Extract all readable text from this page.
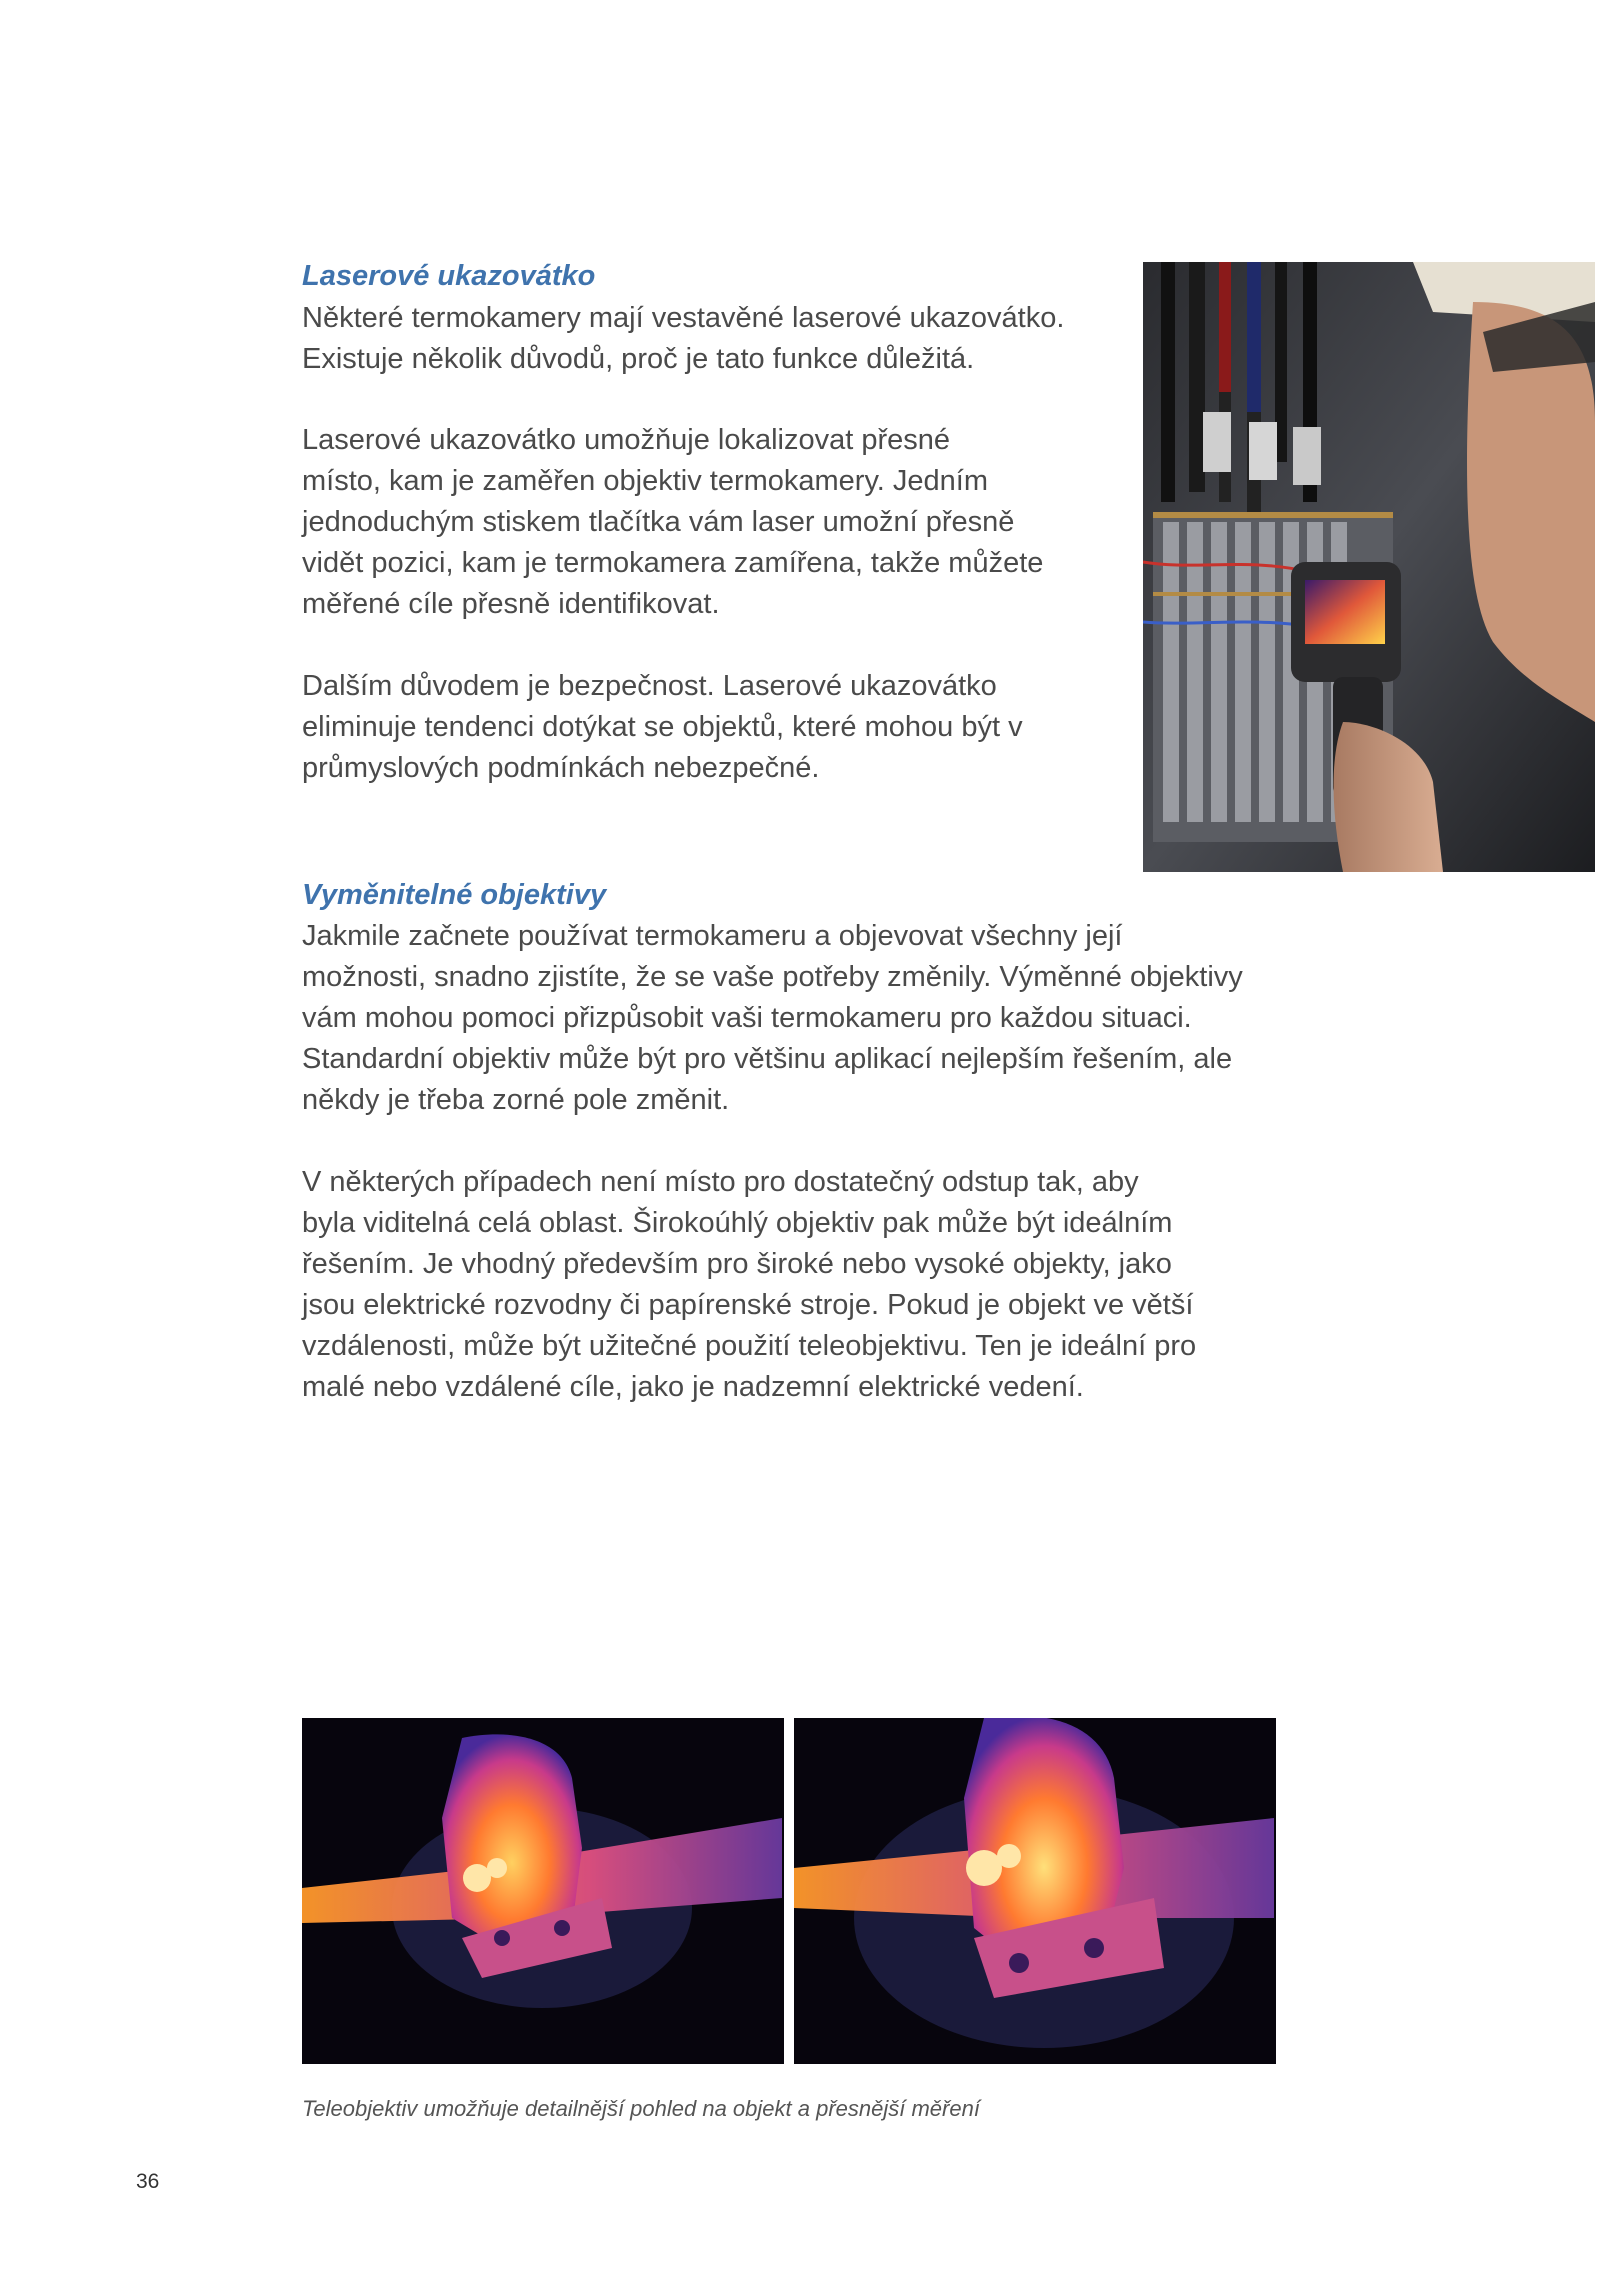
Laserové ukazovátko

Některé termokamery mají vestavěné laserové ukazovátko.
Existuje několik důvodů, proč je tato funkce důležitá.

Laserové ukazovátko umožňuje lokalizovat přesné
místo, kam je zaměřen objektiv termokamery. Jedním
jednoduchým stiskem tlačítka vám laser umožní přesně
vidět pozici, kam je termokamera zamířena, takže můžete
měřené cíle přesně identifikovat.

Dalším důvodem je bezpečnost. Laserové ukazovátko
eliminuje tendenci dotýkat se objektů, které mohou být v
průmyslových podmínkách nebezpečné.

Vyměnitelné objektivy

Jakmile začnete používat termokameru a objevovat všechny její
možnosti, snadno zjistíte, že se vaše potřeby změnily. Výměnné objektivy
vám mohou pomoci přizpůsobit vaši termokameru pro každou situaci.
Standardní objektiv může být pro většinu aplikací nejlepším řešením, ale
někdy je třeba zorné pole změnit.

V některých případech není místo pro dostatečný odstup tak, aby
byla viditelná celá oblast. Širokoúhlý objektiv pak může být ideálním
řešením. Je vhodný především pro široké nebo vysoké objekty, jako
jsou elektrické rozvodny či papírenské stroje. Pokud je objekt ve větší
vzdálenosti, může být užitečné použití teleobjektivu. Ten je ideální pro
malé nebo vzdálené cíle, jako je nadzemní elektrické vedení.

Teleobjektiv umožňuje detailnější pohled na objekt a přesnější měření

36
